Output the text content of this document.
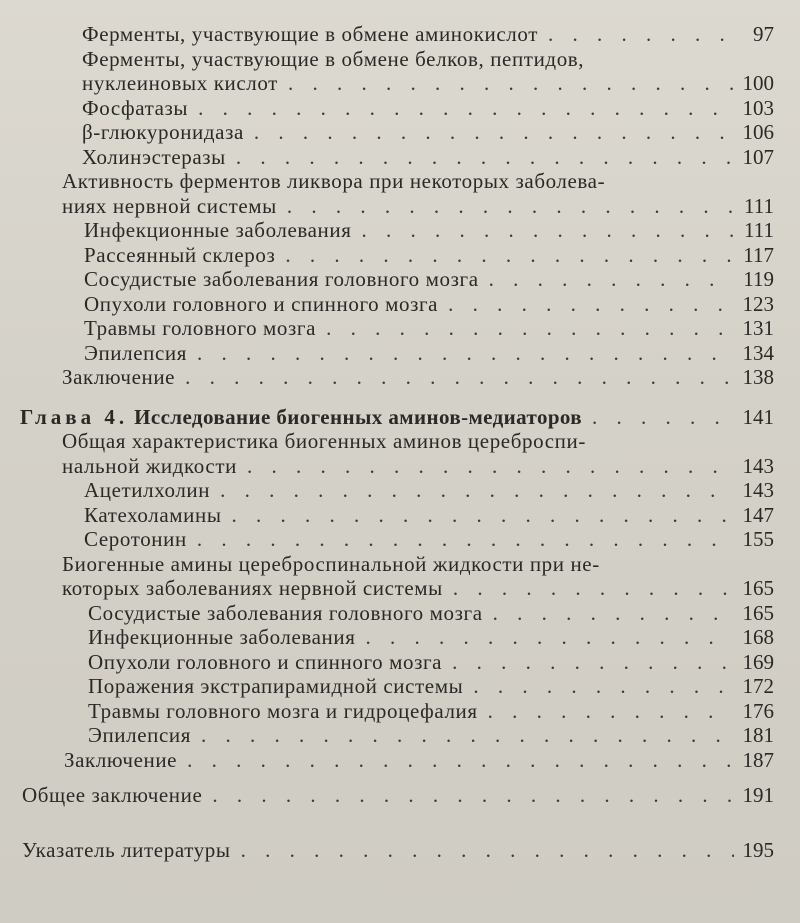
Ферменты, участвующие в обмене аминокислот . . .	97
Ферменты, участвующие в обмене белков, пептидов,
нуклеиновых кислот . . .	100
Фосфатазы . . .	103
β-глюкуронидаза . . .	106
Холинэстеразы . . .	107
Активность ферментов ликвора при некоторых заболева-
ниях нервной системы . . .	111
Инфекционные заболевания . . .	111
Рассеянный склероз . . .	117
Сосудистые заболевания головного мозга . . .	119
Опухоли головного и спинного мозга . . .	123
Травмы головного мозга . . .	131
Эпилепсия . . .	134
Заключение . . .	138
Глава 4. Исследование биогенных аминов-медиаторов . . .	141
Общая характеристика биогенных аминов цереброспи-
нальной жидкости . . .	143
Ацетилхолин . . .	143
Катехоламины . . .	147
Серотонин . . .	155
Биогенные амины цереброспинальной жидкости при не-
которых заболеваниях нервной системы . . .	165
Сосудистые заболевания головного мозга . . .	165
Инфекционные заболевания . . .	168
Опухоли головного и спинного мозга . . .	169
Поражения экстрапирамидной системы . . .	172
Травмы головного мозга и гидроцефалия . . .	176
Эпилепсия . . .	181
Заключение . . .	187
Общее заключение . . .	191
Указатель литературы . . .	195
